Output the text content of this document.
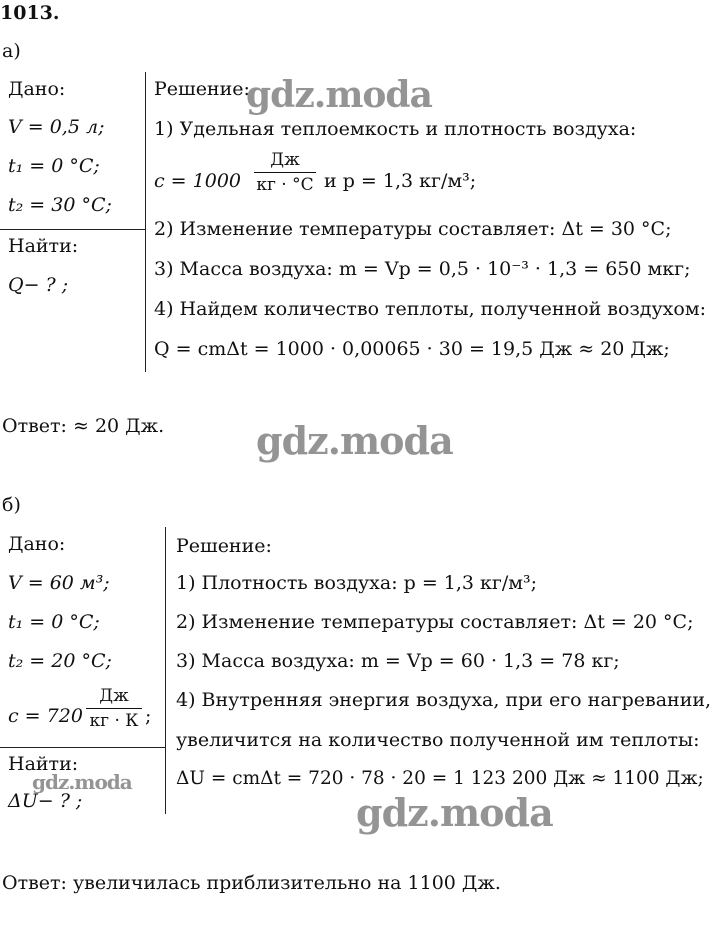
1013.
а)
Дано:
V = 0,5 л;
t₁ = 0 °C;
t₂ = 30 °C;
Найти:
Q− ? ;
Решение:
1) Удельная теплоемкость и плотность воздуха:
c = 1000
Дж
кг · °C и p = 1,3 кг/м³;
2) Изменение температуры составляет: Δt = 30 °C;
3) Масса воздуха: m = Vp = 0,5 · 10⁻³ · 1,3 = 650 мкг;
4) Найдем количество теплоты, полученной воздухом:
Q = cmΔt = 1000 · 0,00065 · 30 = 19,5 Дж ≈ 20 Дж;
Ответ: ≈ 20 Дж.
б)
Дано:
V = 60 м³;
t₁ = 0 °C;
t₂ = 20 °C;
c = 720
Дж
кг · К ;
Найти:
ΔU− ? ;
Решение:
1) Плотность воздуха: p = 1,3 кг/м³;
2) Изменение температуры составляет: Δt = 20 °C;
3) Масса воздуха: m = Vp = 60 · 1,3 = 78 кг;
4) Внутренняя энергия воздуха, при его нагревании,
увеличится на количество полученной им теплоты:
ΔU = cmΔt = 720 · 78 · 20 = 1 123 200 Дж ≈ 1100 Дж;
Ответ: увеличилась приблизительно на 1100 Дж.
gdz.moda
gdz.moda
gdz.moda
gdz.moda
